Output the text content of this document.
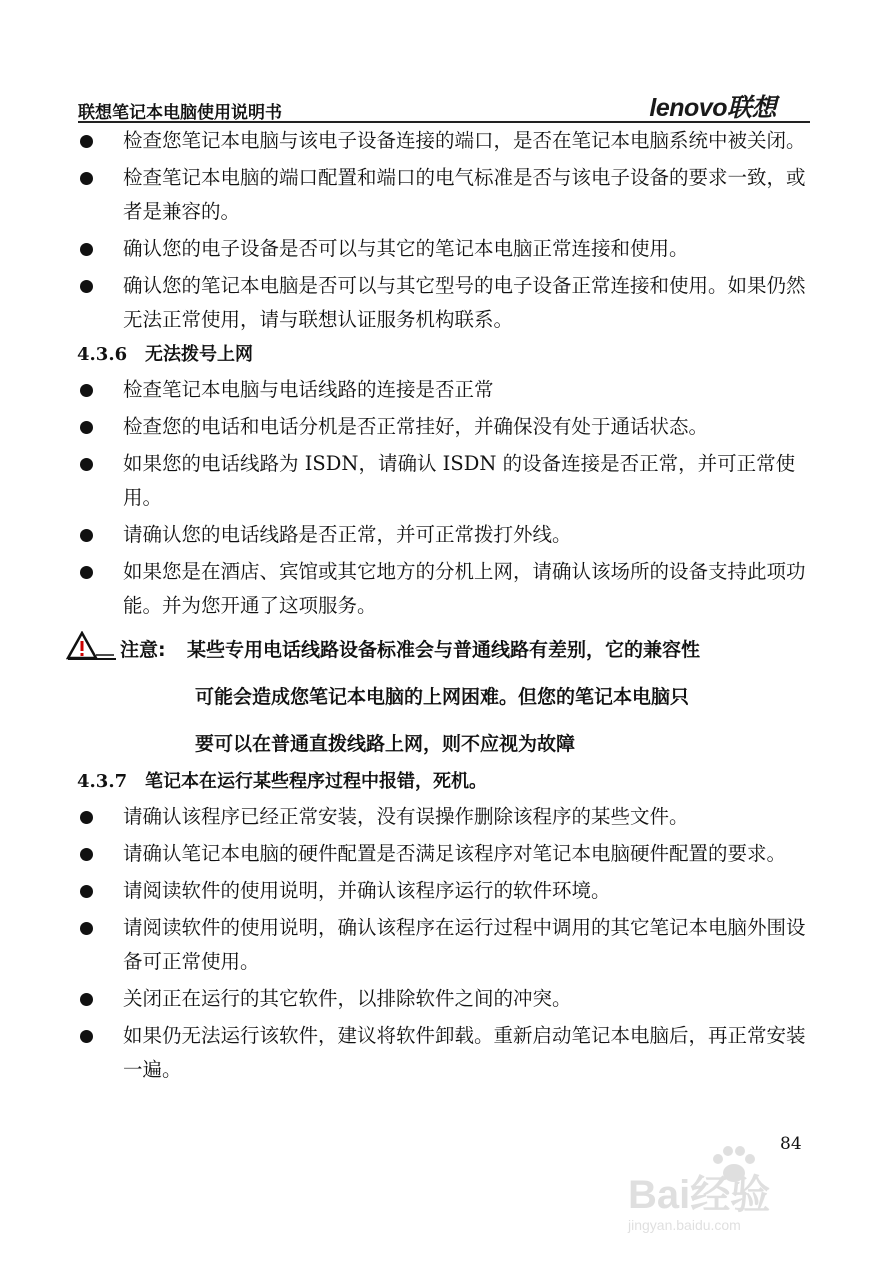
联想笔记本电脑使用说明书	lenovo联想
检查您笔记本电脑与该电子设备连接的端口，是否在笔记本电脑系统中被关闭。
检查笔记本电脑的端口配置和端口的电气标准是否与该电子设备的要求一致，或者是兼容的。
确认您的电子设备是否可以与其它的笔记本电脑正常连接和使用。
确认您的笔记本电脑是否可以与其它型号的电子设备正常连接和使用。如果仍然无法正常使用，请与联想认证服务机构联系。
4.3.6 无法拨号上网
检查笔记本电脑与电话线路的连接是否正常
检查您的电话和电话分机是否正常挂好，并确保没有处于通话状态。
如果您的电话线路为 ISDN，请确认 ISDN 的设备连接是否正常，并可正常使用。
请确认您的电话线路是否正常，并可正常拨打外线。
如果您是在酒店、宾馆或其它地方的分机上网，请确认该场所的设备支持此项功能。并为您开通了这项服务。
注意: 某些专用电话线路设备标准会与普通线路有差别，它的兼容性
可能会造成您笔记本电脑的上网困难。但您的笔记本电脑只
要可以在普通直拨线路上网，则不应视为故障
4.3.7 笔记本在运行某些程序过程中报错，死机。
请确认该程序已经正常安装，没有误操作删除该程序的某些文件。
请确认笔记本电脑的硬件配置是否满足该程序对笔记本电脑硬件配置的要求。
请阅读软件的使用说明，并确认该程序运行的软件环境。
请阅读软件的使用说明，确认该程序在运行过程中调用的其它笔记本电脑外围设备可正常使用。
关闭正在运行的其它软件，以排除软件之间的冲突。
如果仍无法运行该软件，建议将软件卸载。重新启动笔记本电脑后，再正常安装一遍。
84
Bai经验
jingyan.baidu.com
